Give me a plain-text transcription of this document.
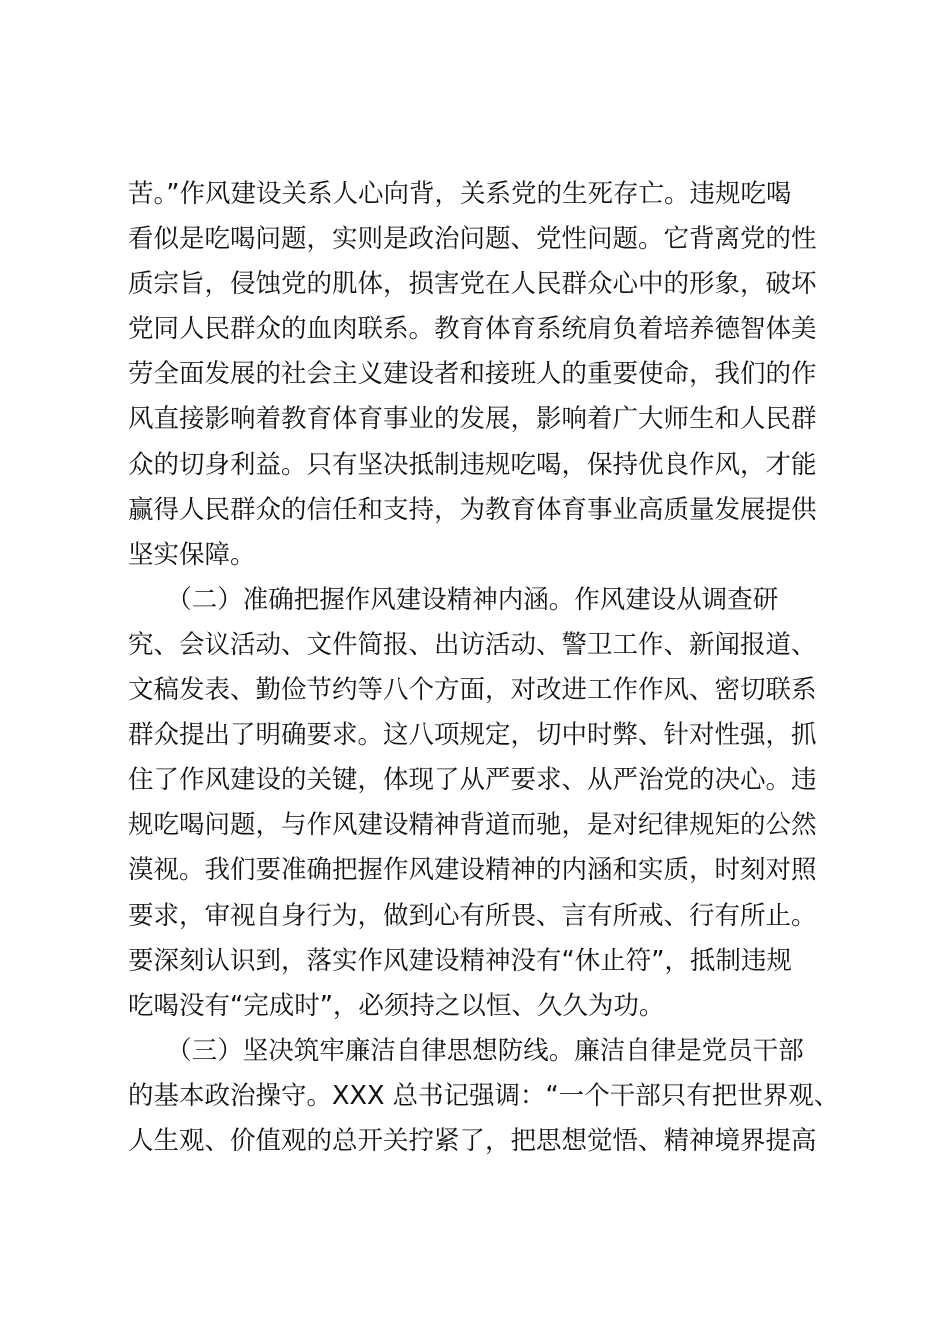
苦。”作风建设关系人心向背，关系党的生死存亡。违规吃喝
看似是吃喝问题，实则是政治问题、党性问题。它背离党的性
质宗旨，侵蚀党的肌体，损害党在人民群众心中的形象，破坏
党同人民群众的血肉联系。教育体育系统肩负着培养德智体美
劳全面发展的社会主义建设者和接班人的重要使命，我们的作
风直接影响着教育体育事业的发展，影响着广大师生和人民群
众的切身利益。只有坚决抵制违规吃喝，保持优良作风，才能
赢得人民群众的信任和支持，为教育体育事业高质量发展提供
坚实保障。
　　（二）准确把握作风建设精神内涵。作风建设从调查研
究、会议活动、文件简报、出访活动、警卫工作、新闻报道、
文稿发表、勤俭节约等八个方面，对改进工作作风、密切联系
群众提出了明确要求。这八项规定，切中时弊、针对性强，抓
住了作风建设的关键，体现了从严要求、从严治党的决心。违
规吃喝问题，与作风建设精神背道而驰，是对纪律规矩的公然
漠视。我们要准确把握作风建设精神的内涵和实质，时刻对照
要求，审视自身行为，做到心有所畏、言有所戒、行有所止。
要深刻认识到，落实作风建设精神没有“休止符”，抵制违规
吃喝没有“完成时”，必须持之以恒、久久为功。
　　（三）坚决筑牢廉洁自律思想防线。廉洁自律是党员干部
的基本政治操守。XXX 总书记强调：“一个干部只有把世界观、
人生观、价值观的总开关拧紧了，把思想觉悟、精神境界提高
